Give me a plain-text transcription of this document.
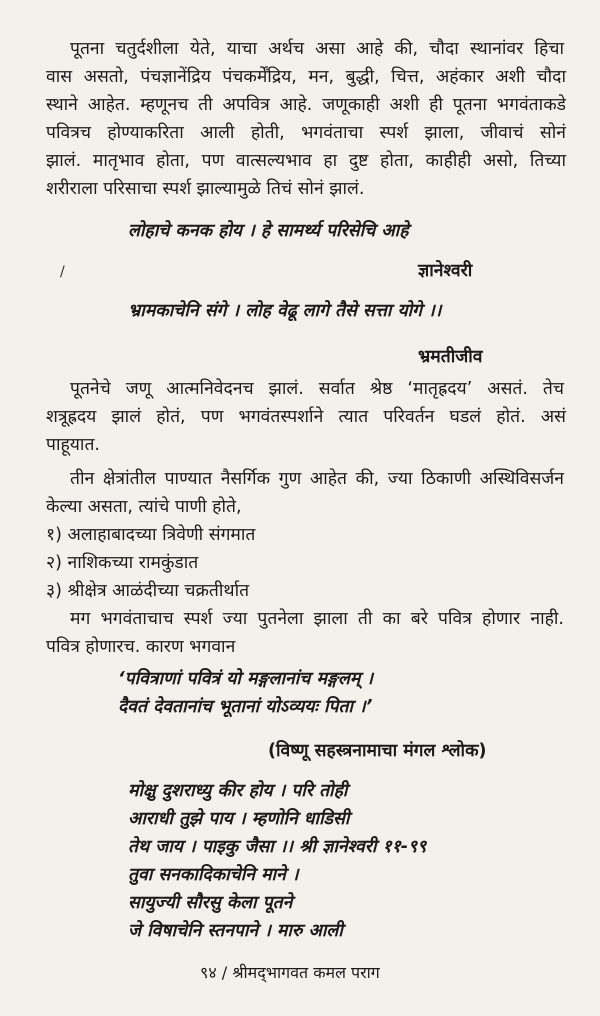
/
पूतना चतुर्दशीला येते, याचा अर्थच असा आहे की, चौदा स्थानांवर हिचा
वास असतो, पंचज्ञानेंद्रिय पंचकर्मेंद्रिय, मन, बुद्धी, चित्त, अहंकार अशी चौदा
स्थाने आहेत. म्हणूनच ती अपवित्र आहे. जणूकाही अशी ही पूतना भगवंताकडे
पवित्रच होण्याकरिता आली होती, भगवंताचा स्पर्श झाला, जीवाचं सोनं
झालं. मातृभाव होता, पण वात्सल्यभाव हा दुष्ट होता, काहीही असो, तिच्या
शरीराला परिसाचा स्पर्श झाल्यामुळे तिचं सोनं झालं.
लोहाचे कनक होय । हे सामर्थ्य परिसेचि आहे
ज्ञानेश्वरी
भ्रामकाचेनि संगे । लोह वेढू लागे तैसे सत्ता योगे ।।
भ्रमतीजीव
पूतनेचे जणू आत्मनिवेदनच झालं. सर्वात श्रेष्ठ ‘मातृह्रदय’ असतं. तेच
शत्रूह्रदय झालं होतं, पण भगवंतस्पर्शाने त्यात परिवर्तन घडलं होतं. असं
पाहूयात.
तीन क्षेत्रांतील पाण्यात नैसर्गिक गुण आहेत की, ज्या ठिकाणी अस्थिविसर्जन
केल्या असता, त्यांचे पाणी होते,
१) अलाहाबादच्या त्रिवेणी संगमात
२) नाशिकच्या रामकुंडात
३) श्रीक्षेत्र आळंदीच्या चक्रतीर्थात
मग भगवंताचाच स्पर्श ज्या पुतनेला झाला ती का बरे पवित्र होणार नाही.
पवित्र होणारच. कारण भगवान
‘पवित्राणां पवित्रं यो मङ्गलानांच मङ्गलम् ।
दैवतं देवतानांच भूतानां योऽव्ययः पिता ।’
(विष्णू सहस्त्रनामाचा मंगल श्लोक)
मोक्षु दुशराध्यु कीर होय । परि तोही
आराधी तुझे पाय । म्हणोनि धाडिसी
तेथ जाय । पाइकु जैसा ।। श्री ज्ञानेश्वरी ११-९९
तुवा सनकादिकाचेनि माने ।
सायुज्यी सौरसु केला पूतने
जे विषाचेनि स्तनपाने । मारु आली
९४ / श्रीमद्‌भागवत कमल पराग
